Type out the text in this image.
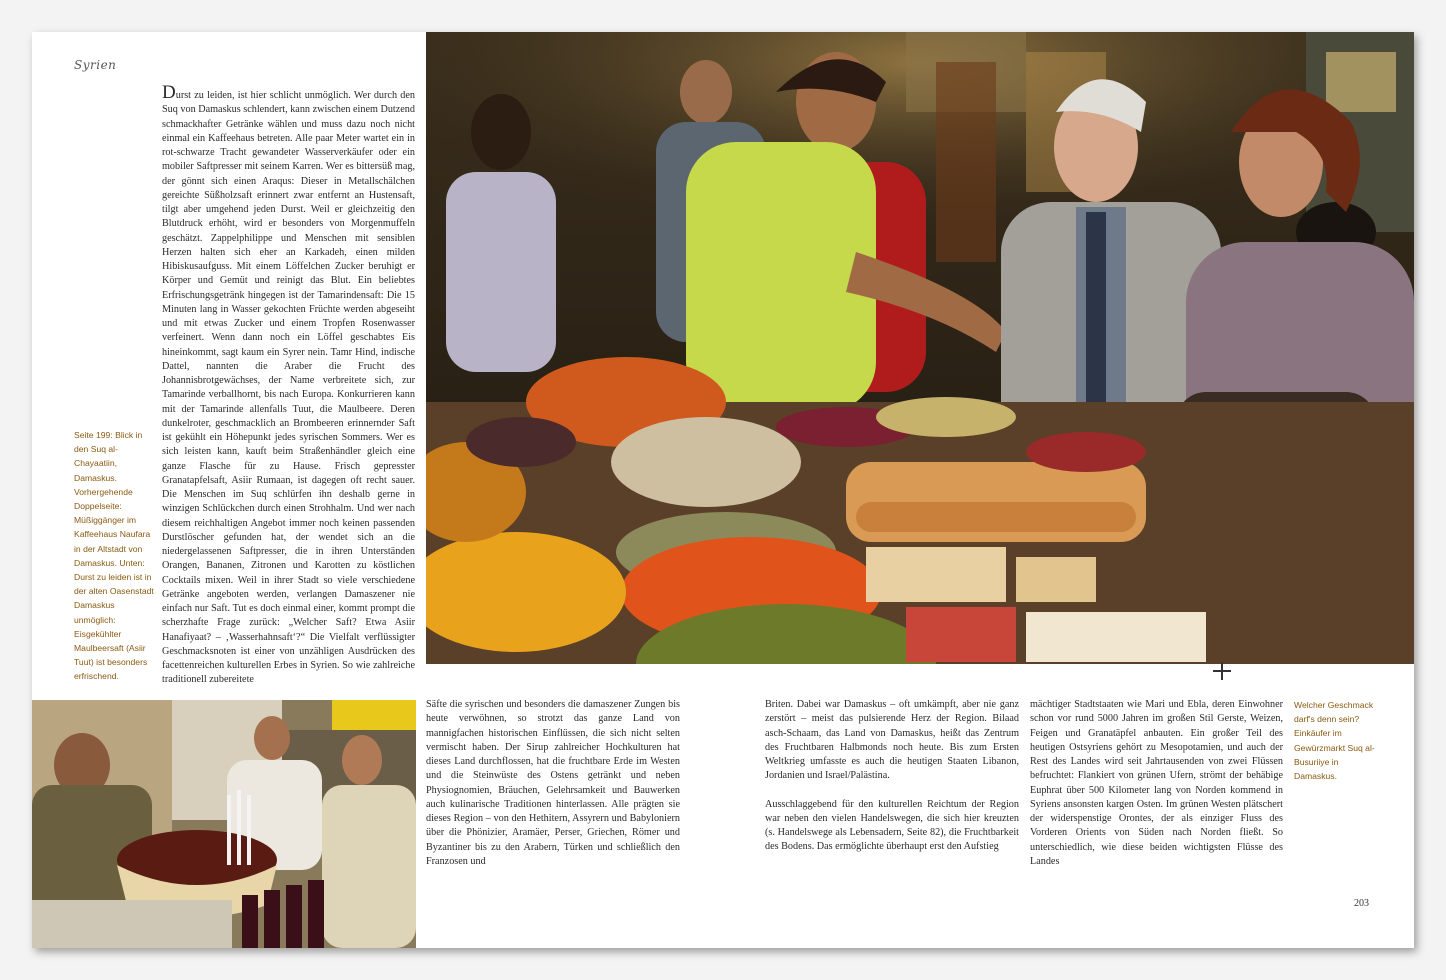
Syrien

Durst zu leiden, ist hier schlicht unmöglich. Wer durch den Suq von Damaskus schlendert, kann zwischen einem Dutzend schmackhafter Getränke wählen und muss dazu noch nicht einmal ein Kaffeehaus betreten. Alle paar Meter wartet ein in rot-schwarze Tracht gewandeter Wasserverkäufer oder ein mobiler Saftpresser mit seinem Karren. Wer es bittersüß mag, der gönnt sich einen Araqus: Dieser in Metallschälchen gereichte Süßholzsaft erinnert zwar entfernt an Hustensaft, tilgt aber umgehend jeden Durst. Weil er gleichzeitig den Blutdruck erhöht, wird er besonders von Morgenmuffeln geschätzt. Zappelphilippe und Menschen mit sensiblen Herzen halten sich eher an Karkadeh, einen milden Hibiskusaufguss. Mit einem Löffelchen Zucker beruhigt er Körper und Gemüt und reinigt das Blut. Ein beliebtes Erfrischungsgetränk hingegen ist der Tamarindensaft: Die 15 Minuten lang in Wasser gekochten Früchte werden abgeseiht und mit etwas Zucker und einem Tropfen Rosenwasser verfeinert. Wenn dann noch ein Löffel geschabtes Eis hineinkommt, sagt kaum ein Syrer nein. Tamr Hind, indische Dattel, nannten die Araber die Frucht des Johannisbrotgewächses, der Name verbreitete sich, zur Tamarinde verballhornt, bis nach Europa. Konkurrieren kann mit der Tamarinde allenfalls Tuut, die Maulbeere. Deren dunkelroter, geschmacklich an Brombeeren erinnernder Saft ist gekühlt ein Höhepunkt jedes syrischen Sommers. Wer es sich leisten kann, kauft beim Straßenhändler gleich eine ganze Flasche für zu Hause. Frisch gepresster Granatapfelsaft, Asiir Rumaan, ist dagegen oft recht sauer. Die Menschen im Suq schlürfen ihn deshalb gerne in winzigen Schlückchen durch einen Strohhalm. Und wer nach diesem reichhaltigen Angebot immer noch keinen passenden Durstlöscher gefunden hat, der wendet sich an die niedergelassenen Saftpresser, die in ihren Unterständen Orangen, Bananen, Zitronen und Karotten zu köstlichen Cocktails mixen. Weil in ihrer Stadt so viele verschiedene Getränke angeboten werden, verlangen Damaszener nie einfach nur Saft. Tut es doch einmal einer, kommt prompt die scherzhafte Frage zurück: „Welcher Saft? Etwa Asiir Hanafiyaat? – ‚Wasserhahnsaft‘?“ Die Vielfalt verflüssigter Geschmacksnoten ist einer von unzähligen Ausdrücken des facettenreichen kulturellen Erbes in Syrien. So wie zahlreiche traditionell zubereitete

Seite 199: Blick in den Suq al-Chayaatiin, Damaskus. Vorhergehende Doppelseite: Müßiggänger im Kaffeehaus Naufara in der Altstadt von Damaskus. Unten: Durst zu leiden ist in der alten Oasenstadt Damaskus unmöglich: Eisgekühlter Maulbeersaft (Asiir Tuut) ist besonders erfrischend.

Säfte die syrischen und besonders die damaszener Zungen bis heute verwöhnen, so strotzt das ganze Land von mannigfachen historischen Einflüssen, die sich nicht selten vermischt haben. Der Sirup zahlreicher Hochkulturen hat dieses Land durchflossen, hat die fruchtbare Erde im Westen und die Steinwüste des Ostens getränkt und neben Physiognomien, Bräuchen, Gelehrsamkeit und Bauwerken auch kulinarische Traditionen hinterlassen. Alle prägten sie dieses Region – von den Hethitern, Assyrern und Babyloniern über die Phönizier, Aramäer, Perser, Griechen, Römer und Byzantiner bis zu den Arabern, Türken und schließlich den Franzosen und

Briten. Dabei war Damaskus – oft umkämpft, aber nie ganz zerstört – meist das pulsierende Herz der Region. Bilaad asch-Schaam, das Land von Damaskus, heißt das Zentrum des Fruchtbaren Halbmonds noch heute. Bis zum Ersten Weltkrieg umfasste es auch die heutigen Staaten Libanon, Jordanien und Israel/Palästina.

Ausschlaggebend für den kulturellen Reichtum der Region war neben den vielen Handelswegen, die sich hier kreuzten (s. Handelswege als Lebensadern, Seite 82), die Fruchtbarkeit des Bodens. Das ermöglichte überhaupt erst den Aufstieg

mächtiger Stadtstaaten wie Mari und Ebla, deren Einwohner schon vor rund 5000 Jahren im großen Stil Gerste, Weizen, Feigen und Granatäpfel anbauten. Ein großer Teil des heutigen Ostsyriens gehört zu Mesopotamien, und auch der Rest des Landes wird seit Jahrtausenden von zwei Flüssen befruchtet: Flankiert von grünen Ufern, strömt der behäbige Euphrat über 500 Kilometer lang von Norden kommend in Syriens ansonsten kargen Osten. Im grünen Westen plätschert der widerspenstige Orontes, der als einziger Fluss des Vorderen Orients von Süden nach Norden fließt. So unterschiedlich, wie diese beiden wichtigsten Flüsse des Landes

Welcher Geschmack darf's denn sein? Einkäufer im Gewürzmarkt Suq al-Busuriiye in Damaskus.

203
